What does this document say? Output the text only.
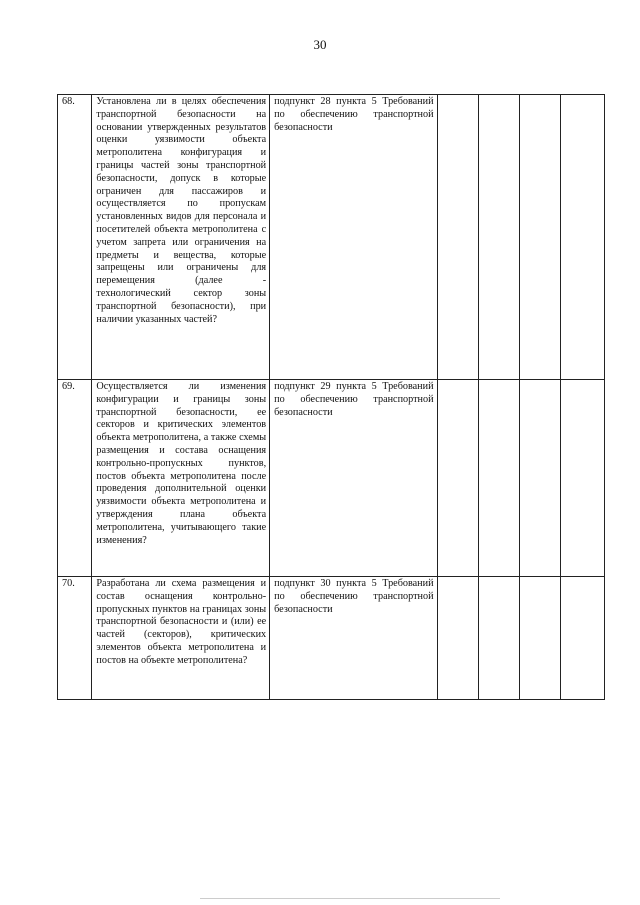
30
68.	Установлена ли в целях обеспечения транспортной безопасности на основании утвержденных результатов оценки уязвимости объекта метрополитена конфигурация и границы частей зоны транспортной безопасности, допуск в которые ограничен для пассажиров и осуществляется по пропускам установленных видов для персонала и посетителей объекта метрополитена с учетом запрета или ограничения на предметы и вещества, которые запрещены или ограничены для перемещения (далее - технологический сектор зоны транспортной безопасности), при наличии указанных частей?	подпункт 28 пункта 5 Требований по обеспечению транспортной безопасности				
69.	Осуществляется ли изменения конфигурации и границы зоны транспортной безопасности, ее секторов и критических элементов объекта метрополитена, а также схемы размещения и состава оснащения контрольно-пропускных пунктов, постов объекта метрополитена после проведения дополнительной оценки уязвимости объекта метрополитена и утверждения плана объекта метрополитена, учитывающего такие изменения?	подпункт 29 пункта 5 Требований по обеспечению транспортной безопасности				
70.	Разработана ли схема размещения и состав оснащения контрольно-пропускных пунктов на границах зоны транспортной безопасности и (или) ее частей (секторов), критических элементов объекта метрополитена и постов на объекте метрополитена?	подпункт 30 пункта 5 Требований по обеспечению транспортной безопасности				
